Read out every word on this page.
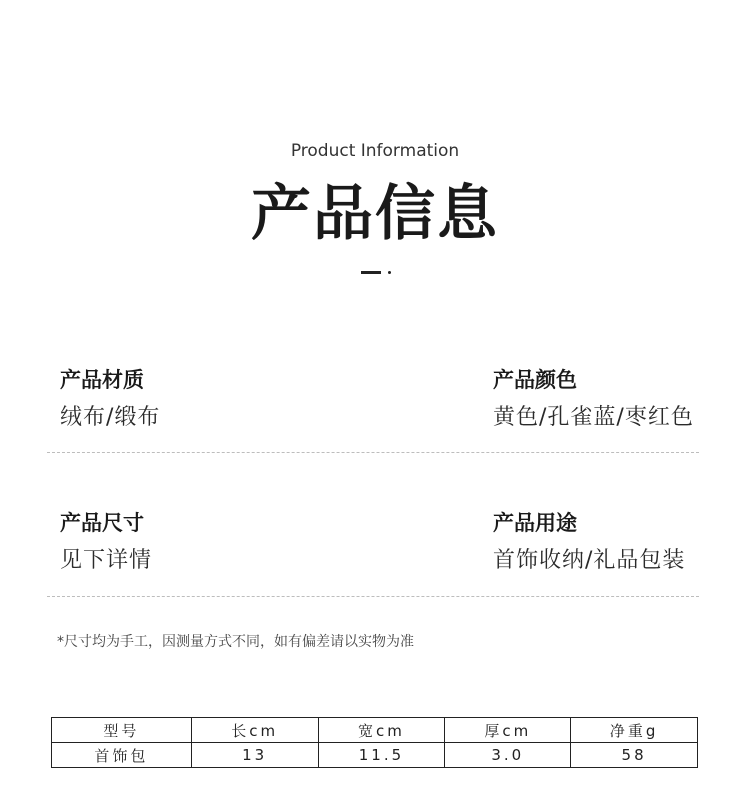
Product Information
产品信息
产品材质
绒布/缎布
产品颜色
黄色/孔雀蓝/枣红色
产品尺寸
见下详情
产品用途
首饰收纳/礼品包装
*尺寸均为手工，因测量方式不同，如有偏差请以实物为准
型号	长cm	宽cm	厚cm	净重g
首饰包	13	11.5	3.0	58
